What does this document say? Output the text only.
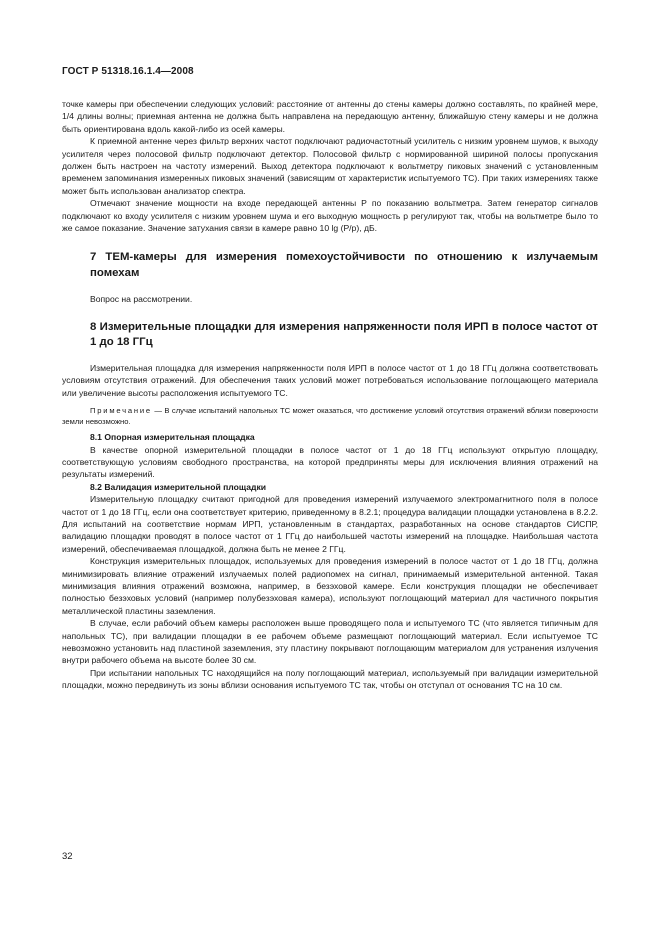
ГОСТ Р 51318.16.1.4—2008

точке камеры при обеспечении следующих условий: расстояние от антенны до стены камеры должно составлять, по крайней мере, 1/4 длины волны; приемная антенна не должна быть направлена на передающую антенну, ближайшую стену камеры и не должна быть ориентирована вдоль какой-либо из осей камеры.

К приемной антенне через фильтр верхних частот подключают радиочастотный усилитель с низким уровнем шумов, к выходу усилителя через полосовой фильтр подключают детектор. Полосовой фильтр с нормированной шириной полосы пропускания должен быть настроен на частоту измерений. Выход детектора подключают к вольтметру пиковых значений с установленным временем запоминания измеренных пиковых значений (зависящим от характеристик испытуемого ТС). При таких измерениях также может быть использован анализатор спектра.

Отмечают значение мощности на входе передающей антенны P по показанию вольтметра. Затем генератор сигналов подключают ко входу усилителя с низким уровнем шума и его выходную мощность p регулируют так, чтобы на вольтметре было то же самое показание. Значение затухания связи в камере равно 10 lg (P/p), дБ.

7 ТЕМ-камеры для измерения помехоустойчивости по отношению к излучаемым помехам

Вопрос на рассмотрении.

8 Измерительные площадки для измерения напряженности поля ИРП в полосе частот от 1 до 18 ГГц

Измерительная площадка для измерения напряженности поля ИРП в полосе частот от 1 до 18 ГГц должна соответствовать условиям отсутствия отражений. Для обеспечения таких условий может потребоваться использование поглощающего материала или увеличение высоты расположения испытуемого ТС.

Примечание — В случае испытаний напольных ТС может оказаться, что достижение условий отсутствия отражений вблизи поверхности земли невозможно.

8.1 Опорная измерительная площадка

В качестве опорной измерительной площадки в полосе частот от 1 до 18 ГГц используют открытую площадку, соответствующую условиям свободного пространства, на которой предприняты меры для исключения влияния отражений на результаты измерений.

8.2 Валидация измерительной площадки

Измерительную площадку считают пригодной для проведения измерений излучаемого электромагнитного поля в полосе частот от 1 до 18 ГГц, если она соответствует критерию, приведенному в 8.2.1; процедура валидации площадки установлена в 8.2.2. Для испытаний на соответствие нормам ИРП, установленным в стандартах, разработанных на основе стандартов СИСПР, валидацию площадки проводят в полосе частот от 1 ГГц до наибольшей частоты измерений на площадке. Наибольшая частота измерений, обеспечиваемая площадкой, должна быть не менее 2 ГГц.

Конструкция измерительных площадок, используемых для проведения измерений в полосе частот от 1 до 18 ГГц, должна минимизировать влияние отражений излучаемых полей радиопомех на сигнал, принимаемый измерительной антенной. Такая минимизация влияния отражений возможна, например, в безэховой камере. Если конструкция площадки не обеспечивает полностью безэховых условий (например полубезэховая камера), используют поглощающий материал для частичного покрытия металлической пластины заземления.

В случае, если рабочий объем камеры расположен выше проводящего пола и испытуемого ТС (что является типичным для напольных ТС), при валидации площадки в ее рабочем объеме размещают поглощающий материал. Если испытуемое ТС невозможно установить над пластиной заземления, эту пластину покрывают поглощающим материалом для устранения излучения внутри рабочего объема на высоте более 30 см.

При испытании напольных ТС находящийся на полу поглощающий материал, используемый при валидации измерительной площадки, можно передвинуть из зоны вблизи основания испытуемого ТС так, чтобы он отступал от основания ТС на 10 см.

32
